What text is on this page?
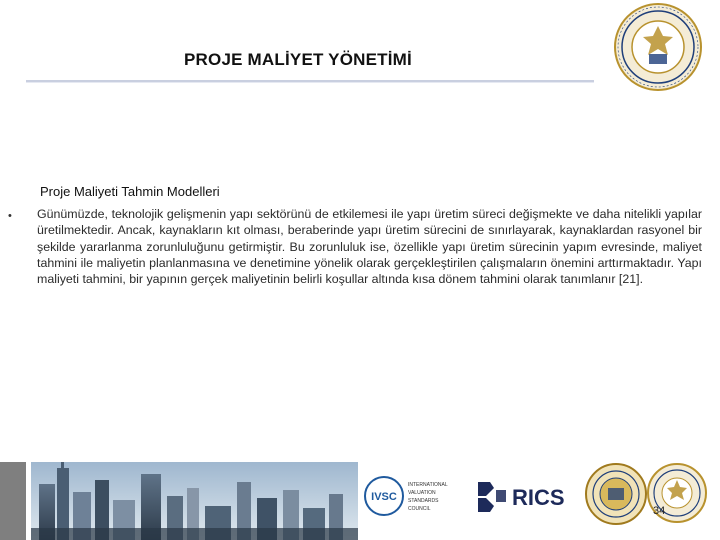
PROJE MALİYET YÖNETİMİ
Proje Maliyeti Tahmin Modelleri
• Günümüzde, teknolojik gelişmenin yapı sektörünü de etkilemesi ile yapı üretim süreci değişmekte ve daha nitelikli yapılar üretilmektedir. Ancak, kaynakların kıt olması, beraberinde yapı üretim sürecini de sınırlayarak, kaynaklardan rasyonel bir şekilde yararlanma zorunluluğunu getirmiştir. Bu zorunluluk ise, özellikle yapı üretim sürecinin yapım evresinde, maliyet tahmini ile maliyetin planlanmasına ve denetimine yönelik olarak gerçekleştirilen çalışmaların önemini arttırmaktadır. Yapı maliyeti tahmini, bir yapının gerçek maliyetinin belirli koşullar altında kısa dönem tahmini olarak tanımlanır [21].

IVSC
INTERNATIONAL
VALUATION
STANDARDS
COUNCIL	RICS
34
